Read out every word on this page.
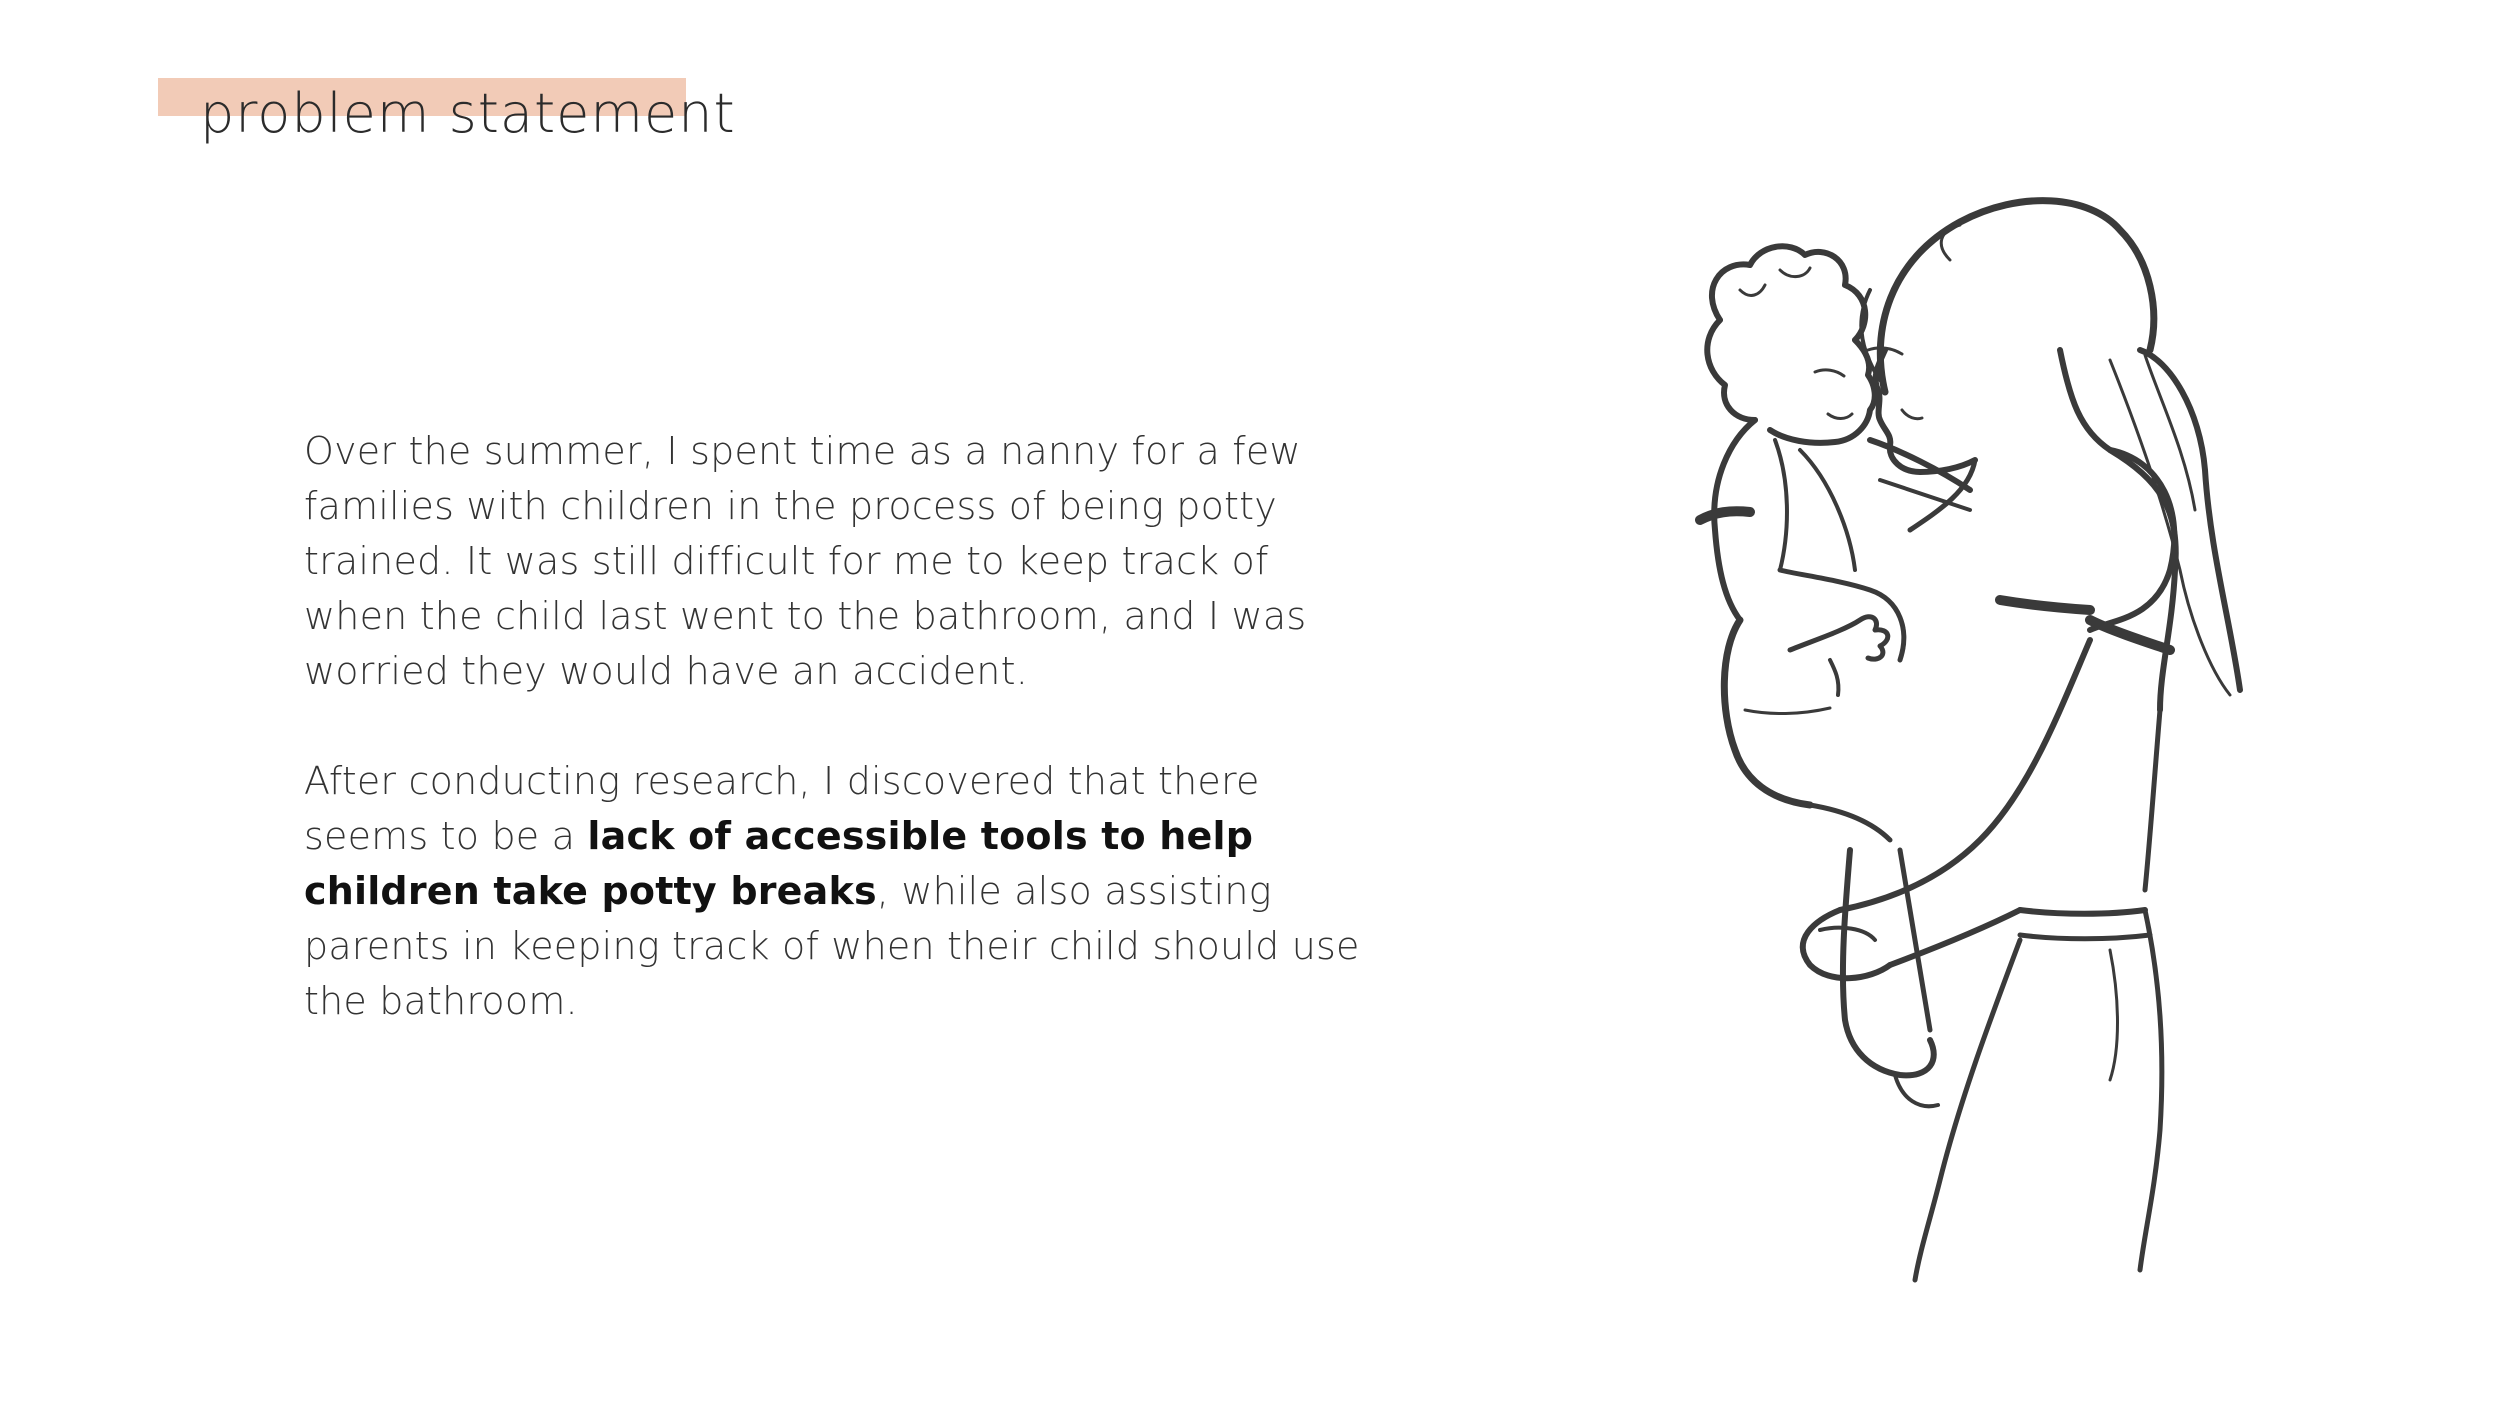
problem statement

Over the summer, I spent time as a nanny for a few families with children in the process of being potty trained. It was still difficult for me to keep track of when the child last went to the bathroom, and I was worried they would have an accident.

After conducting research, I discovered that there seems to be a lack of accessible tools to help children take potty breaks, while also assisting parents in keeping track of when their child should use the bathroom.
